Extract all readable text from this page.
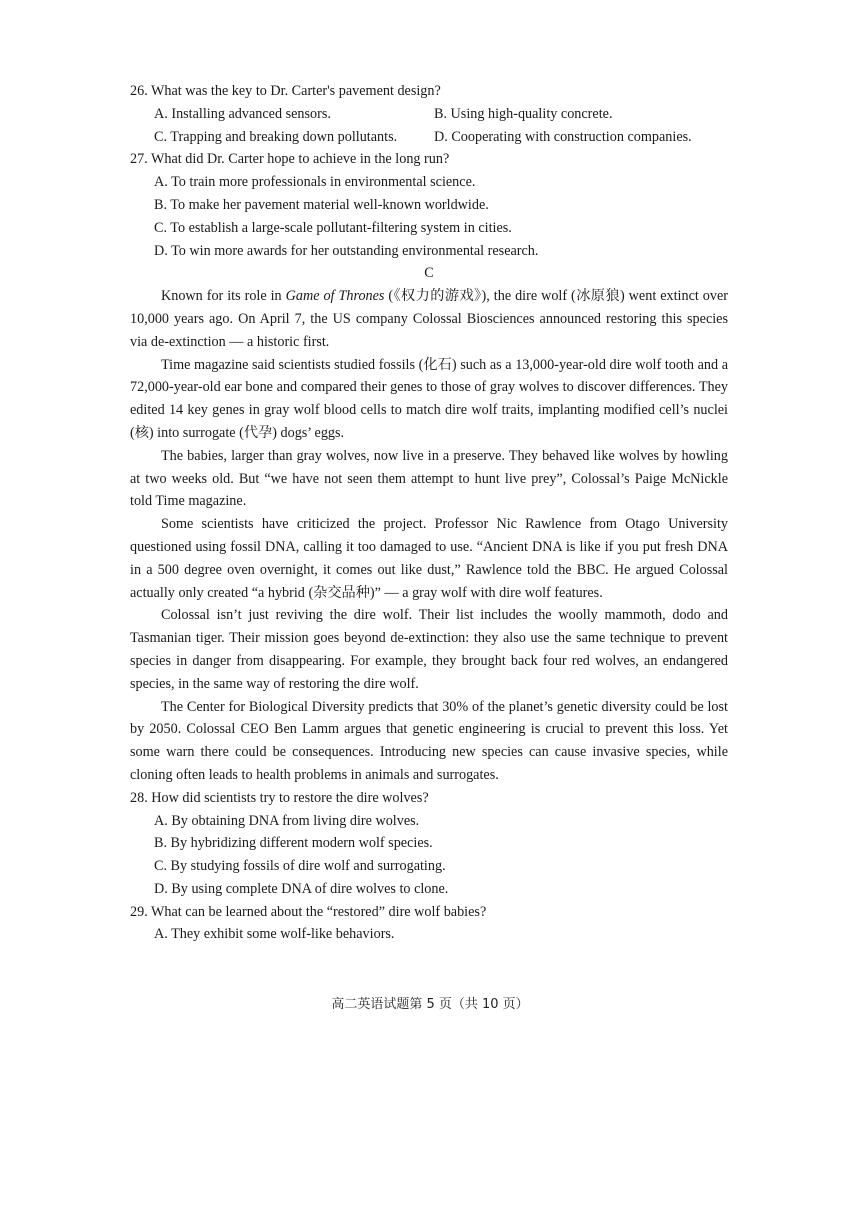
26. What was the key to Dr. Carter's pavement design?

A. Installing advanced sensors.	B. Using high-quality concrete.
C. Trapping and breaking down pollutants.	D. Cooperating with construction companies.

27. What did Dr. Carter hope to achieve in the long run?

A. To train more professionals in environmental science.

B. To make her pavement material well-known worldwide.

C. To establish a large-scale pollutant-filtering system in cities.

D. To win more awards for her outstanding environmental research.

C

Known for its role in Game of Thrones (《权力的游戏》), the dire wolf (冰原狼) went extinct over 10,000 years ago. On April 7, the US company Colossal Biosciences announced restoring this species via de-extinction — a historic first.

Time magazine said scientists studied fossils (化石) such as a 13,000-year-old dire wolf tooth and a 72,000-year-old ear bone and compared their genes to those of gray wolves to discover differences. They edited 14 key genes in gray wolf blood cells to match dire wolf traits, implanting modified cell’s nuclei (核) into surrogate (代孕) dogs’ eggs.

The babies, larger than gray wolves, now live in a preserve. They behaved like wolves by howling at two weeks old. But “we have not seen them attempt to hunt live prey”, Colossal’s Paige McNickle told Time magazine.

Some scientists have criticized the project. Professor Nic Rawlence from Otago University questioned using fossil DNA, calling it too damaged to use. “Ancient DNA is like if you put fresh DNA in a 500 degree oven overnight, it comes out like dust,” Rawlence told the BBC. He argued Colossal actually only created “a hybrid (杂交品种)” — a gray wolf with dire wolf features.

Colossal isn’t just reviving the dire wolf. Their list includes the woolly mammoth, dodo and Tasmanian tiger. Their mission goes beyond de-extinction: they also use the same technique to prevent species in danger from disappearing. For example, they brought back four red wolves, an endangered species, in the same way of restoring the dire wolf.

The Center for Biological Diversity predicts that 30% of the planet’s genetic diversity could be lost by 2050. Colossal CEO Ben Lamm argues that genetic engineering is crucial to prevent this loss. Yet some warn there could be consequences. Introducing new species can cause invasive species, while cloning often leads to health problems in animals and surrogates.

28. How did scientists try to restore the dire wolves?

A. By obtaining DNA from living dire wolves.

B. By hybridizing different modern wolf species.

C. By studying fossils of dire wolf and surrogating.

D. By using complete DNA of dire wolves to clone.

29. What can be learned about the “restored” dire wolf babies?

A. They exhibit some wolf-like behaviors.

高二英语试题第 5 页（共 10 页）
